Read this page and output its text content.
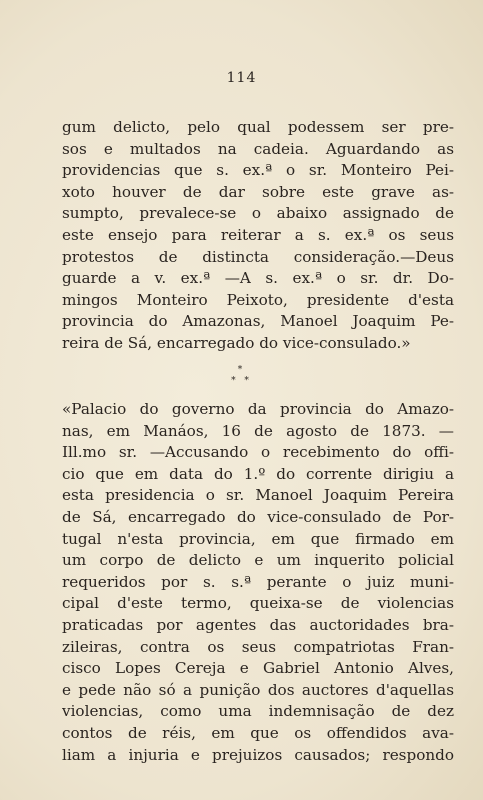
114
gum delicto, pelo qual podessem ser pre-
sos e multados na cadeia. Aguardando as
providencias que s. ex.ª o sr. Monteiro Pei-
xoto houver de dar sobre este grave as-
sumpto, prevalece-se o abaixo assignado de
este ensejo para reiterar a s. ex.ª os seus
protestos de distincta consideração.—Deus
guarde a v. ex.ª —A s. ex.ª o sr. dr. Do-
mingos Monteiro Peixoto, presidente d'esta
provincia do Amazonas, Manoel Joaquim Pe-
reira de Sá, encarregado do vice-consulado.»
*
* *
«Palacio do governo da provincia do Amazo-
nas, em Manáos, 16 de agosto de 1873. —
Ill.mo sr. —Accusando o recebimento do offi-
cio que em data do 1.º do corrente dirigiu a
esta presidencia o sr. Manoel Joaquim Pereira
de Sá, encarregado do vice-consulado de Por-
tugal n'esta provincia, em que firmado em
um corpo de delicto e um inquerito policial
requeridos por s. s.ª perante o juiz muni-
cipal d'este termo, queixa-se de violencias
praticadas por agentes das auctoridades bra-
zileiras, contra os seus compatriotas Fran-
cisco Lopes Cereja e Gabriel Antonio Alves,
e pede não só a punição dos auctores d'aquellas
violencias, como uma indemnisação de dez
contos de réis, em que os offendidos ava-
liam a injuria e prejuizos causados; respondo
